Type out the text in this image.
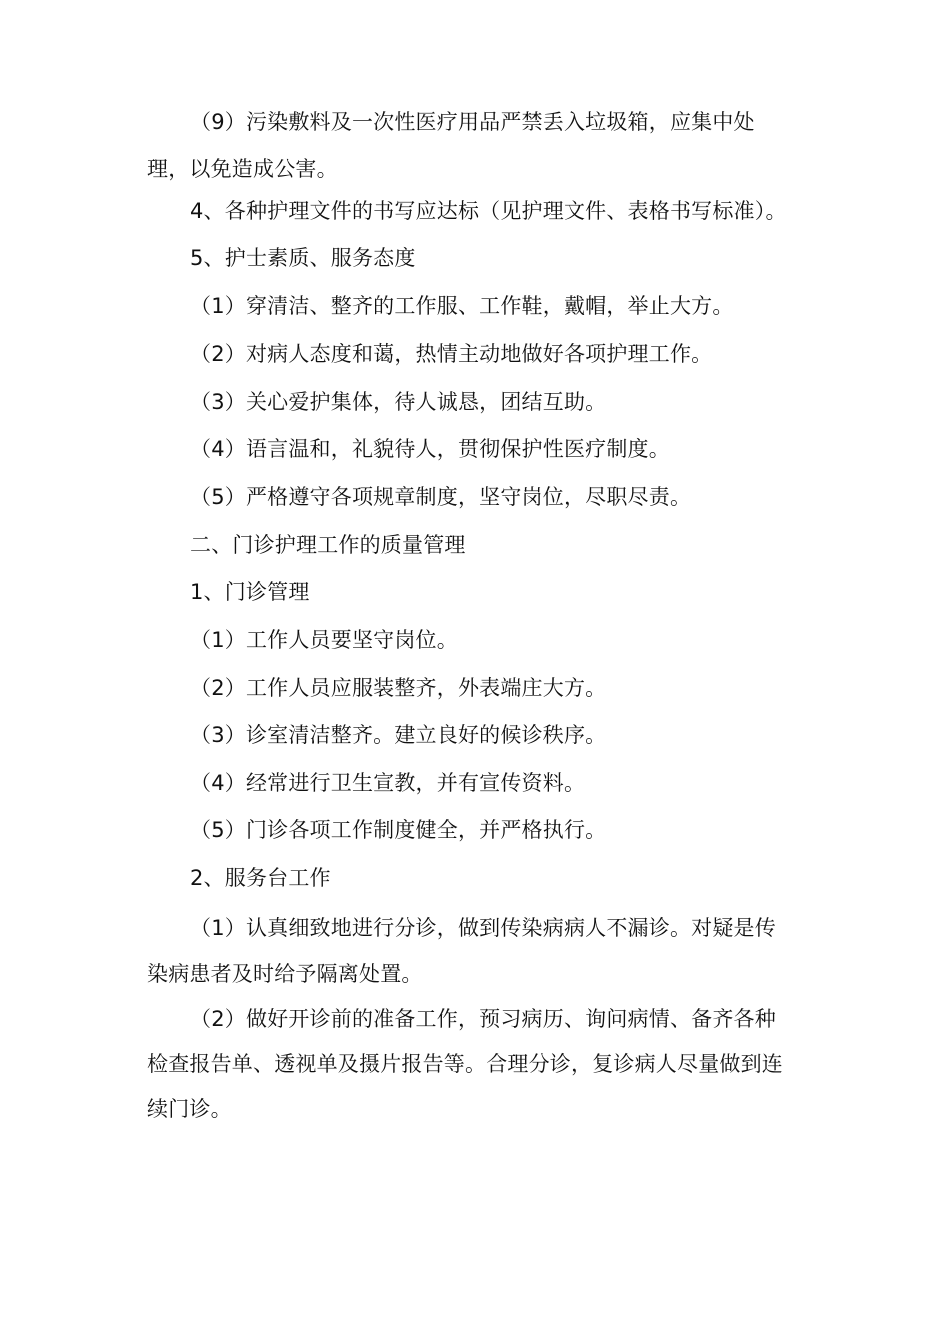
（9）污染敷料及一次性医疗用品严禁丢入垃圾箱，应集中处
理，以免造成公害。
4、各种护理文件的书写应达标（见护理文件、表格书写标准）。
5、护士素质、服务态度
（1）穿清洁、整齐的工作服、工作鞋，戴帽，举止大方。
（2）对病人态度和蔼，热情主动地做好各项护理工作。
（3）关心爱护集体，待人诚恳，团结互助。
（4）语言温和，礼貌待人，贯彻保护性医疗制度。
（5）严格遵守各项规章制度，坚守岗位，尽职尽责。
二、门诊护理工作的质量管理
1、门诊管理
（1）工作人员要坚守岗位。
（2）工作人员应服装整齐，外表端庄大方。
（3）诊室清洁整齐。建立良好的候诊秩序。
（4）经常进行卫生宣教，并有宣传资料。
（5）门诊各项工作制度健全，并严格执行。
2、服务台工作
（1）认真细致地进行分诊，做到传染病病人不漏诊。对疑是传
染病患者及时给予隔离处置。
（2）做好开诊前的准备工作，预习病历、询问病情、备齐各种
检查报告单、透视单及摄片报告等。合理分诊，复诊病人尽量做到连
续门诊。
